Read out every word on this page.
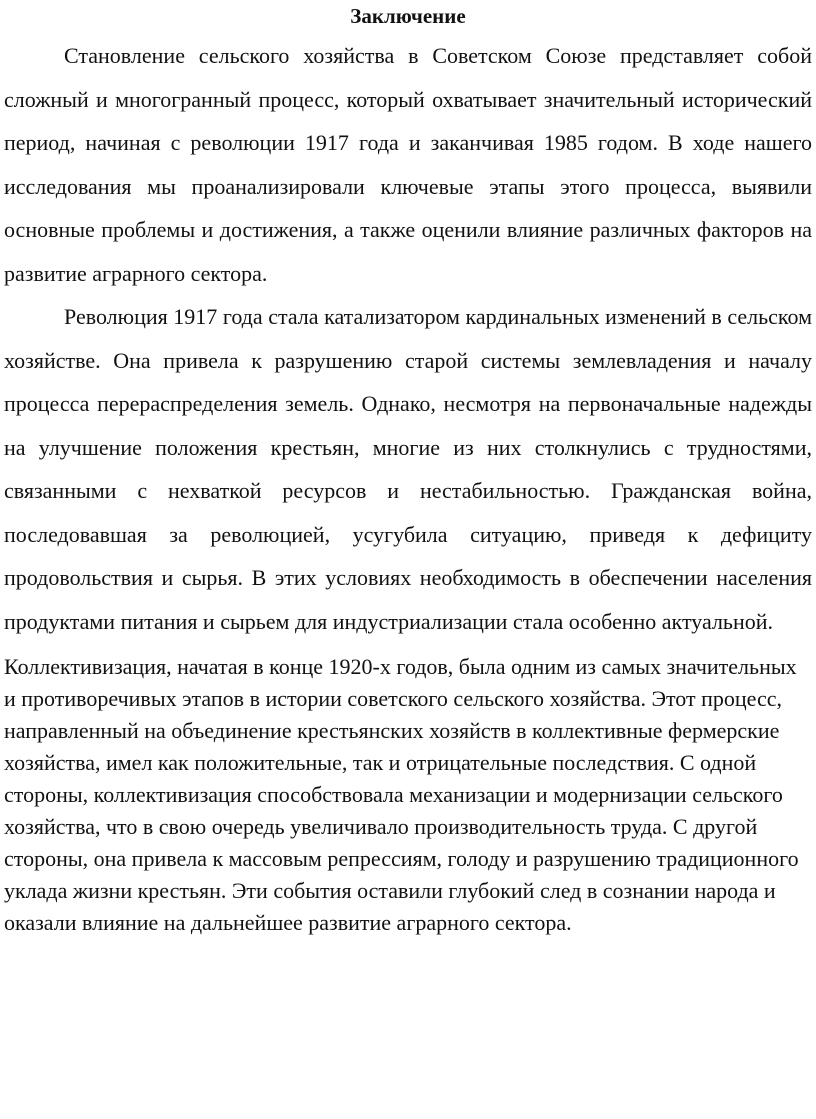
Заключение

Становление сельского хозяйства в Советском Союзе представляет собой сложный и многогранный процесс, который охватывает значительный исторический период, начиная с революции 1917 года и заканчивая 1985 годом. В ходе нашего исследования мы проанализировали ключевые этапы этого процесса, выявили основные проблемы и достижения, а также оценили влияние различных факторов на развитие аграрного сектора.

Революция 1917 года стала катализатором кардинальных изменений в сельском хозяйстве. Она привела к разрушению старой системы землевладения и началу процесса перераспределения земель. Однако, несмотря на первоначальные надежды на улучшение положения крестьян, многие из них столкнулись с трудностями, связанными с нехваткой ресурсов и нестабильностью. Гражданская война, последовавшая за революцией, усугубила ситуацию, приведя к дефициту продовольствия и сырья. В этих условиях необходимость в обеспечении населения продуктами питания и сырьем для индустриализации стала особенно актуальной.

Коллективизация, начатая в конце 1920-х годов, была одним из самых значительных и противоречивых этапов в истории советского сельского хозяйства. Этот процесс, направленный на объединение крестьянских хозяйств в коллективные фермерские хозяйства, имел как положительные, так и отрицательные последствия. С одной стороны, коллективизация способствовала механизации и модернизации сельского хозяйства, что в свою очередь увеличивало производительность труда. С другой стороны, она привела к массовым репрессиям, голоду и разрушению традиционного уклада жизни крестьян. Эти события оставили глубокий след в сознании народа и оказали влияние на дальнейшее развитие аграрного сектора.
